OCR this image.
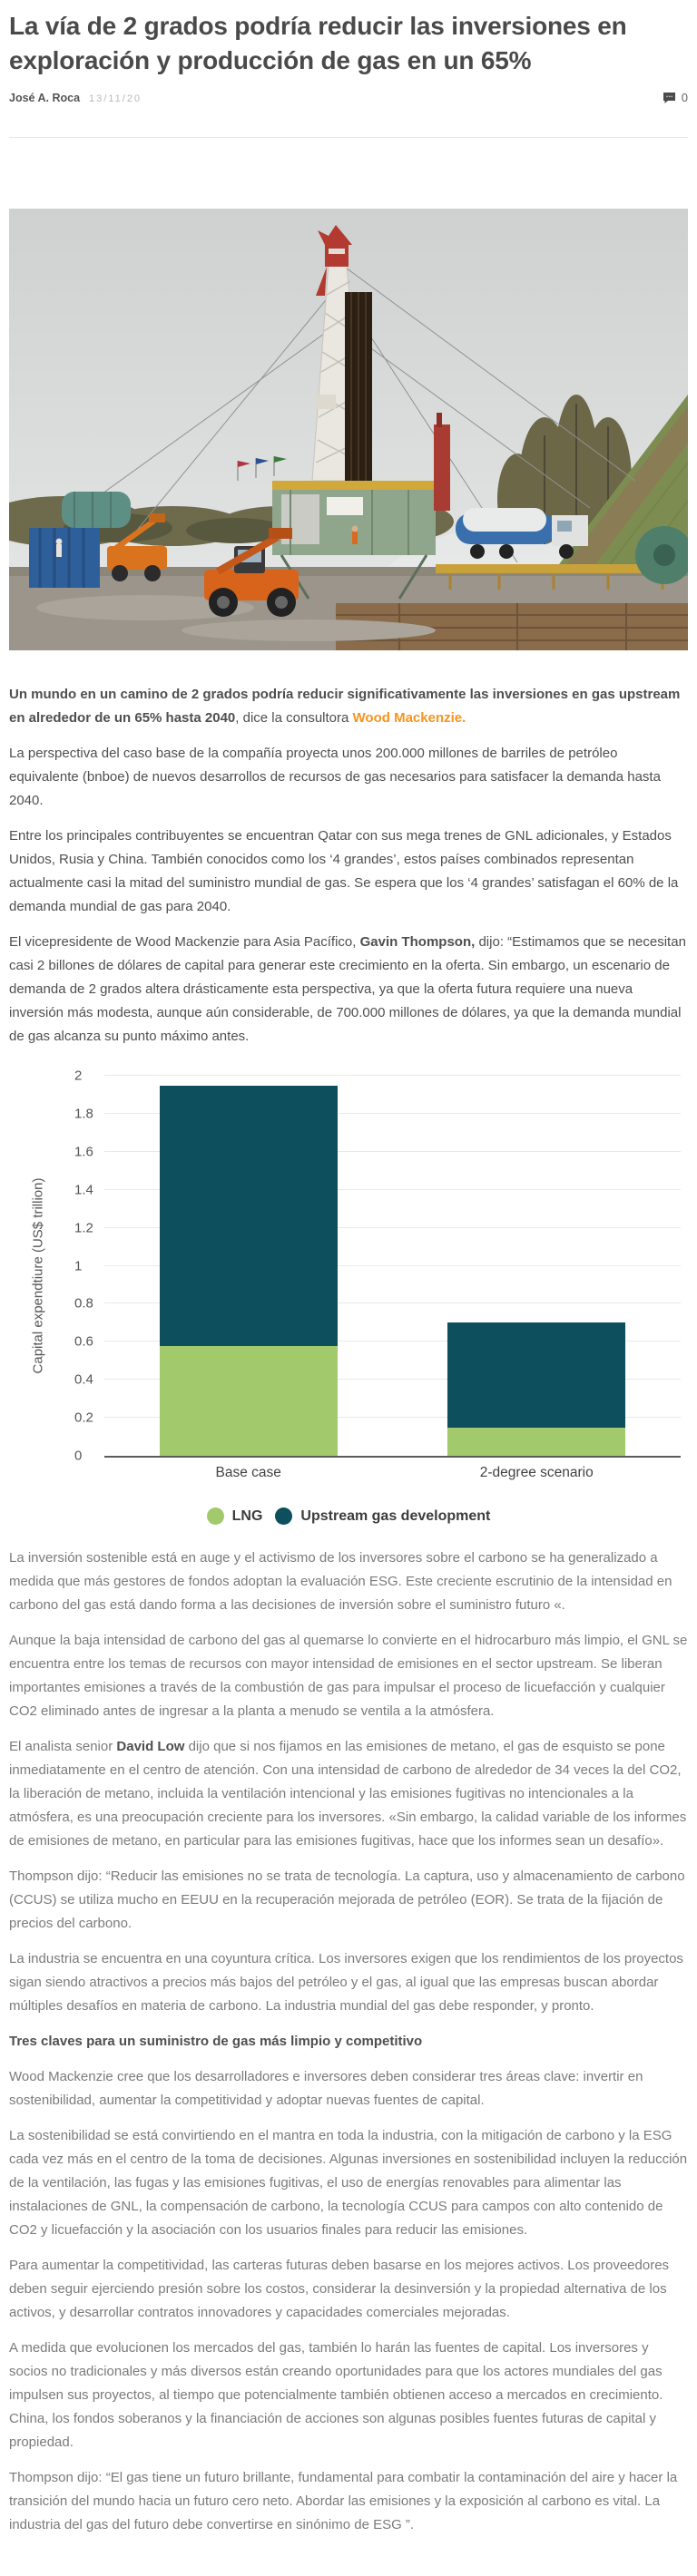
La vía de 2 grados podría reducir las inversiones en exploración y producción de gas en un 65%
José A. Roca 13/11/20	0

Un mundo en un camino de 2 grados podría reducir significativamente las inversiones en gas upstream en alrededor de un 65% hasta 2040, dice la consultora Wood Mackenzie.

La perspectiva del caso base de la compañía proyecta unos 200.000 millones de barriles de petróleo equivalente (bnboe) de nuevos desarrollos de recursos de gas necesarios para satisfacer la demanda hasta 2040.

Entre los principales contribuyentes se encuentran Qatar con sus mega trenes de GNL adicionales, y Estados Unidos, Rusia y China. También conocidos como los ‘4 grandes’, estos países combinados representan actualmente casi la mitad del suministro mundial de gas. Se espera que los ‘4 grandes’ satisfagan el 60% de la demanda mundial de gas para 2040.

El vicepresidente de Wood Mackenzie para Asia Pacífico, Gavin Thompson, dijo: “Estimamos que se necesitan casi 2 billones de dólares de capital para generar este crecimiento en la oferta. Sin embargo, un escenario de demanda de 2 grados altera drásticamente esta perspectiva, ya que la oferta futura requiere una nueva inversión más modesta, aunque aún considerable, de 700.000 millones de dólares, ya que la demanda mundial de gas alcanza su punto máximo antes.

Capital expendtiure (US$ trillion)
0
0.2
0.4
0.6
0.8
1
1.2
1.4
1.6
1.8
2
Base case	2-degree scenario
LNG	Upstream gas development

La inversión sostenible está en auge y el activismo de los inversores sobre el carbono se ha generalizado a medida que más gestores de fondos adoptan la evaluación ESG. Este creciente escrutinio de la intensidad en carbono del gas está dando forma a las decisiones de inversión sobre el suministro futuro «.

Aunque la baja intensidad de carbono del gas al quemarse lo convierte en el hidrocarburo más limpio, el GNL se encuentra entre los temas de recursos con mayor intensidad de emisiones en el sector upstream. Se liberan importantes emisiones a través de la combustión de gas para impulsar el proceso de licuefacción y cualquier CO2 eliminado antes de ingresar a la planta a menudo se ventila a la atmósfera.

El analista senior David Low dijo que si nos fijamos en las emisiones de metano, el gas de esquisto se pone inmediatamente en el centro de atención. Con una intensidad de carbono de alrededor de 34 veces la del CO2, la liberación de metano, incluida la ventilación intencional y las emisiones fugitivas no intencionales a la atmósfera, es una preocupación creciente para los inversores. «Sin embargo, la calidad variable de los informes de emisiones de metano, en particular para las emisiones fugitivas, hace que los informes sean un desafío».

Thompson dijo: “Reducir las emisiones no se trata de tecnología. La captura, uso y almacenamiento de carbono (CCUS) se utiliza mucho en EEUU en la recuperación mejorada de petróleo (EOR). Se trata de la fijación de precios del carbono.

La industria se encuentra en una coyuntura crítica. Los inversores exigen que los rendimientos de los proyectos sigan siendo atractivos a precios más bajos del petróleo y el gas, al igual que las empresas buscan abordar múltiples desafíos en materia de carbono. La industria mundial del gas debe responder, y pronto.

Tres claves para un suministro de gas más limpio y competitivo

Wood Mackenzie cree que los desarrolladores e inversores deben considerar tres áreas clave: invertir en sostenibilidad, aumentar la competitividad y adoptar nuevas fuentes de capital.

La sostenibilidad se está convirtiendo en el mantra en toda la industria, con la mitigación de carbono y la ESG cada vez más en el centro de la toma de decisiones. Algunas inversiones en sostenibilidad incluyen la reducción de la ventilación, las fugas y las emisiones fugitivas, el uso de energías renovables para alimentar las instalaciones de GNL, la compensación de carbono, la tecnología CCUS para campos con alto contenido de CO2 y licuefacción y la asociación con los usuarios finales para reducir las emisiones.

Para aumentar la competitividad, las carteras futuras deben basarse en los mejores activos. Los proveedores deben seguir ejerciendo presión sobre los costos, considerar la desinversión y la propiedad alternativa de los activos, y desarrollar contratos innovadores y capacidades comerciales mejoradas.

A medida que evolucionen los mercados del gas, también lo harán las fuentes de capital. Los inversores y socios no tradicionales y más diversos están creando oportunidades para que los actores mundiales del gas impulsen sus proyectos, al tiempo que potencialmente también obtienen acceso a mercados en crecimiento. China, los fondos soberanos y la financiación de acciones son algunas posibles fuentes futuras de capital y propiedad.

Thompson dijo: “El gas tiene un futuro brillante, fundamental para combatir la contaminación del aire y hacer la transición del mundo hacia un futuro cero neto. Abordar las emisiones y la exposición al carbono es vital. La industria del gas del futuro debe convertirse en sinónimo de ESG ”.
